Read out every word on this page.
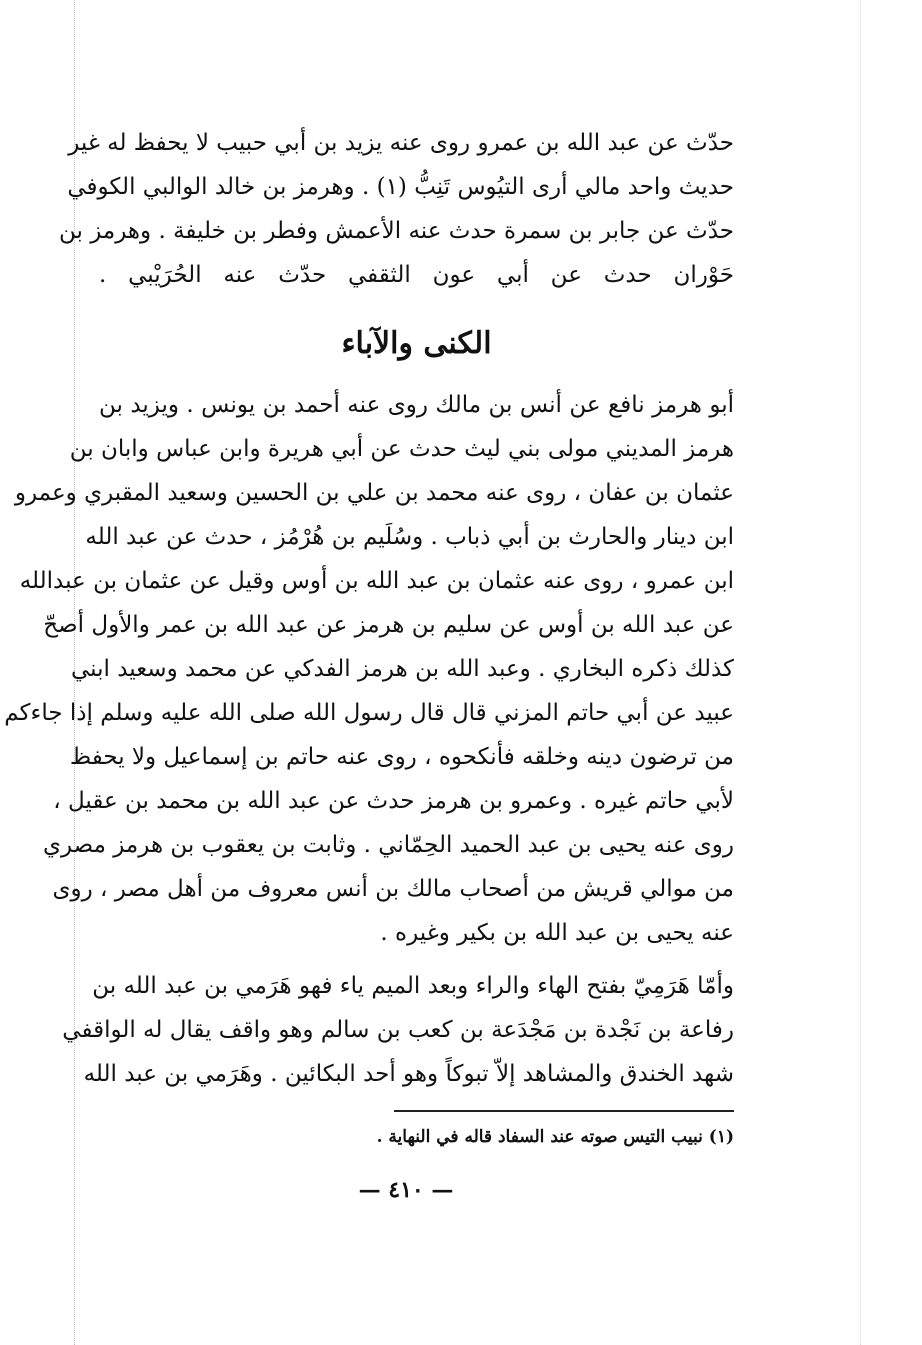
حدّث عن عبد الله بن عمرو روى عنه يزيد بن أبي حبيب لا يحفظ له غير
حديث واحد مالي أرى التيُوس تَنِبُّ (١) . وهرمز بن خالد الوالبي الكوفي
حدّث عن جابر بن سمرة حدث عنه الأعمش وفطر بن خليفة . وهرمز بن
حَوْران حدث عن أبي عون الثقفي حدّث عنه الحُرَيْبي .
الكنى والآباء
أبو هرمز نافع عن أنس بن مالك روى عنه أحمد بن يونس . ويزيد بن
هرمز المديني مولى بني ليث حدث عن أبي هريرة وابن عباس وابان بن
عثمان بن عفان ، روى عنه محمد بن علي بن الحسين وسعيد المقبري وعمرو
ابن دينار والحارث بن أبي ذباب . وسُلَيم بن هُرْمُز ، حدث عن عبد الله
ابن عمرو ، روى عنه عثمان بن عبد الله بن أوس وقيل عن عثمان بن عبدالله
عن عبد الله بن أوس عن سليم بن هرمز عن عبد الله بن عمر والأول أصحّ
كذلك ذكره البخاري . وعبد الله بن هرمز الفدكي عن محمد وسعيد ابني
عبيد عن أبي حاتم المزني قال قال رسول الله صلى الله عليه وسلم إذا جاءكم
من ترضون دينه وخلقه فأنكحوه ، روى عنه حاتم بن إسماعيل ولا يحفظ
لأبي حاتم غيره . وعمرو بن هرمز حدث عن عبد الله بن محمد بن عقيل ،
روى عنه يحيى بن عبد الحميد الحِمّاني . وثابت بن يعقوب بن هرمز مصري
من موالي قريش من أصحاب مالك بن أنس معروف من أهل مصر ، روى
عنه يحيى بن عبد الله بن بكير وغيره .
وأمّا هَرَمِيّ بفتح الهاء والراء وبعد الميم ياء فهو هَرَمي بن عبد الله بن
رفاعة بن نَجْدة بن مَجْدَعة بن كعب بن سالم وهو واقف يقال له الواقفي
شهد الخندق والمشاهد إلاّ تبوكاً وهو أحد البكائين . وهَرَمي بن عبد الله
(١) نبيب التيس صوته عند السفاد قاله في النهاية .
— ٤١٠ —
